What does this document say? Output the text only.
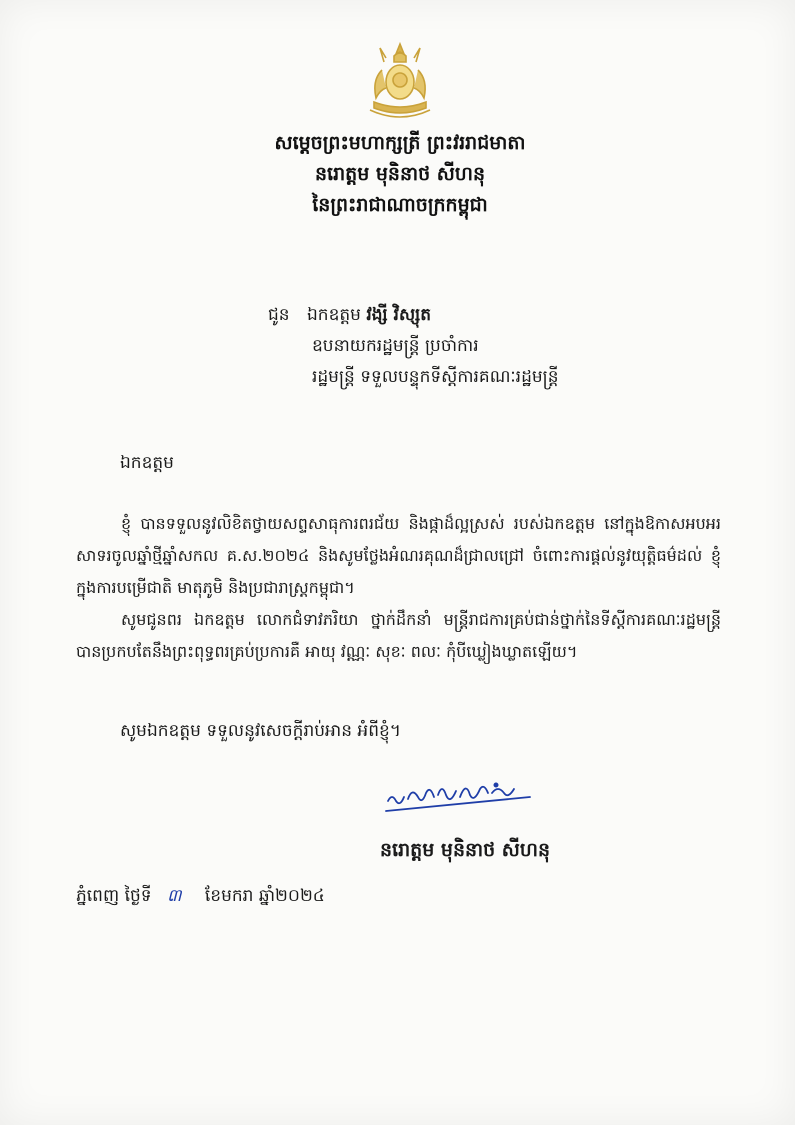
សម្តេចព្រះមហាក្សត្រី ព្រះវររាជមាតា
នរោត្តម មុនិនាថ សីហនុ
នៃព្រះរាជាណាចក្រកម្ពុជា
ជូន ឯកឧត្តម វង្សី វិស្សុត
ឧបនាយករដ្ឋមន្ត្រី ប្រចាំការ
រដ្ឋមន្ត្រី ទទួលបន្ទុកទីស្តីការគណៈរដ្ឋមន្ត្រី
ឯកឧត្តម

ខ្ញុំ បានទទួលនូវលិខិតថ្វាយសព្ទសាធុការពរជ័យ និងផ្កាដ៏ល្អស្រស់ របស់ឯកឧត្តម នៅក្នុងឱកាសអបអរសាទរចូលឆ្នាំថ្មីឆ្នាំសកល គ.ស.២០២៤ និងសូមថ្លែងអំណរគុណដ៏ជ្រាលជ្រៅ ចំពោះការផ្តល់នូវយុត្តិធម៌ដល់ ខ្ញុំ ក្នុងការបម្រើជាតិ មាតុភូមិ និងប្រជារាស្ត្រកម្ពុជា។

សូមជូនពរ ឯកឧត្តម លោកជំទាវភរិយា ថ្នាក់ដឹកនាំ មន្ត្រីរាជការគ្រប់ជាន់ថ្នាក់នៃទីស្តីការគណៈរដ្ឋមន្ត្រី បានប្រកបតែនឹងព្រះពុទ្ធពរគ្រប់ប្រការគឺ អាយុ វណ្ណៈ សុខៈ ពលៈ កុំបីឃ្លៀងឃ្លាតឡើយ។

សូមឯកឧត្តម ទទួលនូវសេចក្តីរាប់អាន អំពីខ្ញុំ។
នរោត្តម មុនិនាថ សីហនុ
ភ្នំពេញ ថ្ងៃទី ៣ ខែមករា ឆ្នាំ២០២៤
